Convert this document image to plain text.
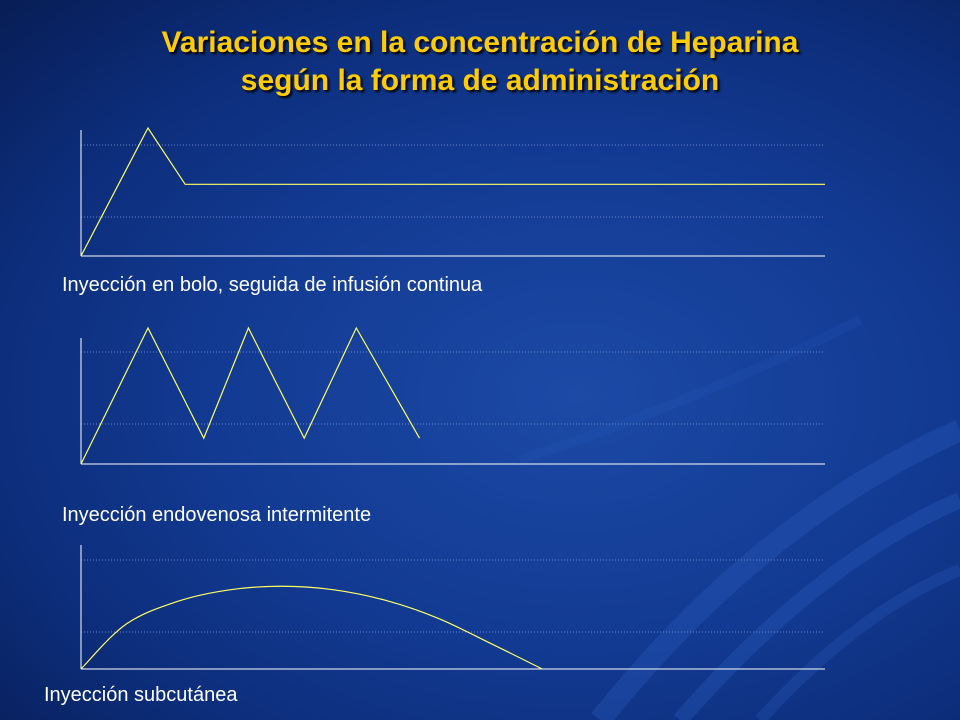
Variaciones en la concentración de Heparina
según la forma de administración
Inyección en bolo, seguida de infusión continua
Inyección endovenosa intermitente
Inyección subcutánea
